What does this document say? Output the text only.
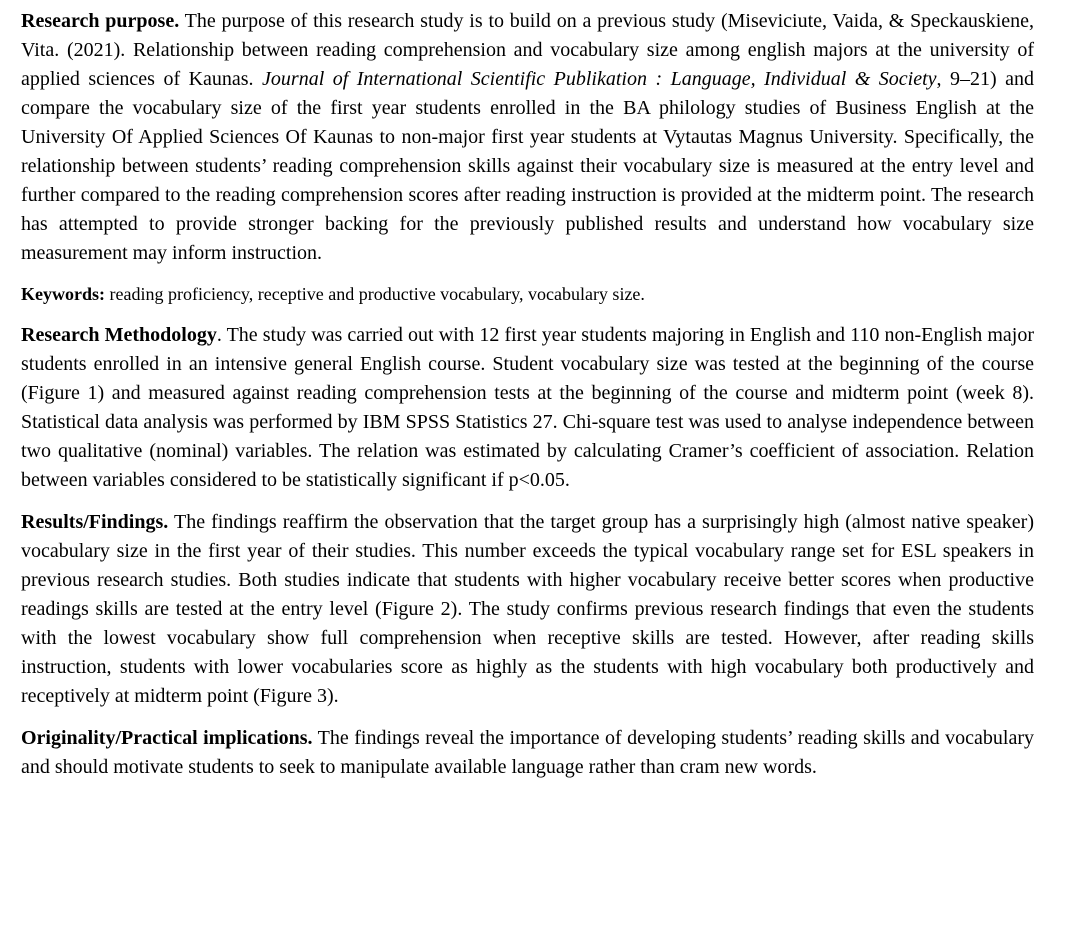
Research purpose. The purpose of this research study is to build on a previous study (Miseviciute, Vaida, & Speckauskiene, Vita. (2021). Relationship between reading comprehension and vocabulary size among english majors at the university of applied sciences of Kaunas. Journal of International Scientific Publikation : Language, Individual & Society, 9–21) and compare the vocabulary size of the first year students enrolled in the BA philology studies of Business English at the University Of Applied Sciences Of Kaunas to non-major first year students at Vytautas Magnus University. Specifically, the relationship between students’ reading comprehension skills against their vocabulary size is measured at the entry level and further compared to the reading comprehension scores after reading instruction is provided at the midterm point. The research has attempted to provide stronger backing for the previously published results and understand how vocabulary size measurement may inform instruction.

Keywords: reading proficiency, receptive and productive vocabulary, vocabulary size.

Research Methodology. The study was carried out with 12 first year students majoring in English and 110 non-English major students enrolled in an intensive general English course. Student vocabulary size was tested at the beginning of the course (Figure 1) and measured against reading comprehension tests at the beginning of the course and midterm point (week 8). Statistical data analysis was performed by IBM SPSS Statistics 27. Chi-square test was used to analyse independence between two qualitative (nominal) variables. The relation was estimated by calculating Cramer’s coefficient of association. Relation between variables considered to be statistically significant if p<0.05.

Results/Findings. The findings reaffirm the observation that the target group has a surprisingly high (almost native speaker) vocabulary size in the first year of their studies. This number exceeds the typical vocabulary range set for ESL speakers in previous research studies. Both studies indicate that students with higher vocabulary receive better scores when productive readings skills are tested at the entry level (Figure 2). The study confirms previous research findings that even the students with the lowest vocabulary show full comprehension when receptive skills are tested. However, after reading skills instruction, students with lower vocabularies score as highly as the students with high vocabulary both productively and receptively at midterm point (Figure 3).

Originality/Practical implications. The findings reveal the importance of developing students’ reading skills and vocabulary and should motivate students to seek to manipulate available language rather than cram new words.
